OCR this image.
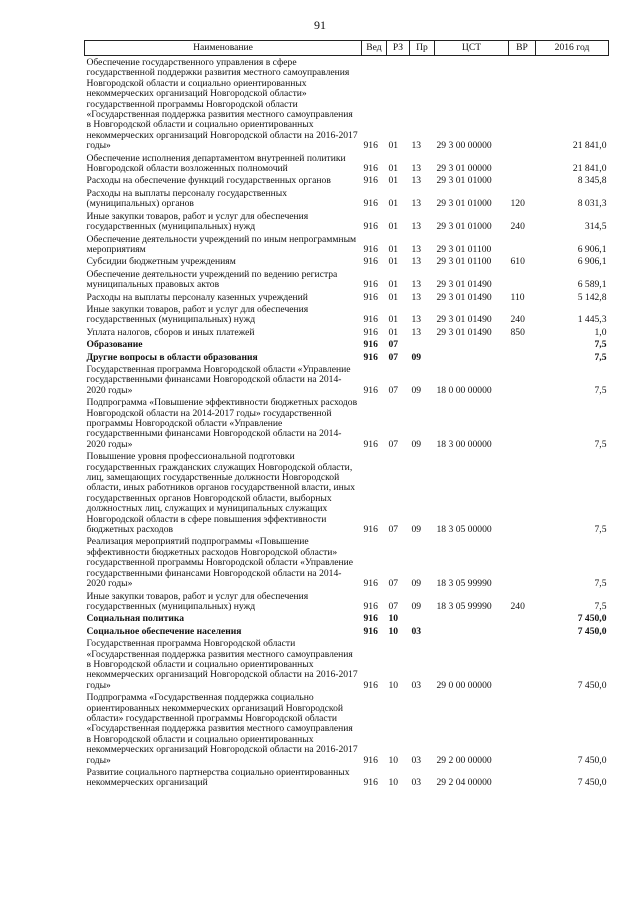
91
Наименование	Вед	РЗ	Пр	ЦСТ	ВР	2016 год
Обеспечение государственного управления в сфере государственной поддержки развития местного самоуправления Новгородской области и социально ориентированных некоммерческих организаций Новгородской области» государственной программы Новгородской области «Государственная поддержка развития местного самоуправления в Новгородской области и социально ориентированных некоммерческих организаций Новгородской области на 2016-2017 годы»	916	01	13	29 3 00 00000		21 841,0
Обеспечение исполнения департаментом внутренней политики Новгородской области возложенных полномочий	916	01	13	29 3 01 00000		21 841,0
Расходы на обеспечение функций государственных органов	916	01	13	29 3 01 01000		8 345,8
Расходы на выплаты персоналу государственных (муниципальных) органов	916	01	13	29 3 01 01000	120	8 031,3
Иные закупки товаров, работ и услуг для обеспечения государственных (муниципальных) нужд	916	01	13	29 3 01 01000	240	314,5
Обеспечение деятельности учреждений по иным непрограммным мероприятиям	916	01	13	29 3 01 01100		6 906,1
Субсидии бюджетным учреждениям	916	01	13	29 3 01 01100	610	6 906,1
Обеспечение деятельности учреждений по ведению регистра муниципальных правовых актов	916	01	13	29 3 01 01490		6 589,1
Расходы на выплаты персоналу казенных учреждений	916	01	13	29 3 01 01490	110	5 142,8
Иные закупки товаров, работ и услуг для обеспечения государственных (муниципальных) нужд	916	01	13	29 3 01 01490	240	1 445,3
Уплата налогов, сборов и иных платежей	916	01	13	29 3 01 01490	850	1,0
Образование	916	07				7,5
Другие вопросы в области образования	916	07	09			7,5
Государственная программа Новгородской области «Управление государственными финансами Новгородской области на 2014-2020 годы»	916	07	09	18 0 00 00000		7,5
Подпрограмма «Повышение эффективности бюджетных расходов Новгородской области на 2014-2017 годы» государственной программы Новгородской области «Управление государственными финансами Новгородской области на 2014-2020 годы»	916	07	09	18 3 00 00000		7,5
Повышение уровня профессиональной подготовки государственных гражданских служащих Новгородской области, лиц, замещающих государственные должности Новгородской области, иных работников органов государственной власти, иных государственных органов Новгородской области, выборных должностных лиц, служащих и муниципальных служащих Новгородской области в сфере повышения эффективности бюджетных расходов	916	07	09	18 3 05 00000		7,5
Реализация мероприятий подпрограммы «Повышение эффективности бюджетных расходов Новгородской области» государственной программы Новгородской области «Управление государственными финансами Новгородской области на 2014-2020 годы»	916	07	09	18 3 05 99990		7,5
Иные закупки товаров, работ и услуг для обеспечения государственных (муниципальных) нужд	916	07	09	18 3 05 99990	240	7,5
Социальная политика	916	10				7 450,0
Социальное обеспечение населения	916	10	03			7 450,0
Государственная программа Новгородской области «Государственная поддержка развития местного самоуправления в Новгородской области и социально ориентированных некоммерческих организаций Новгородской области на 2016-2017 годы»	916	10	03	29 0 00 00000		7 450,0
Подпрограмма «Государственная поддержка социально ориентированных некоммерческих организаций Новгородской области» государственной программы Новгородской области «Государственная поддержка развития местного самоуправления в Новгородской области и социально ориентированных некоммерческих организаций Новгородской области на 2016-2017 годы»	916	10	03	29 2 00 00000		7 450,0
Развитие социального партнерства социально ориентированных некоммерческих организаций	916	10	03	29 2 04 00000		7 450,0
